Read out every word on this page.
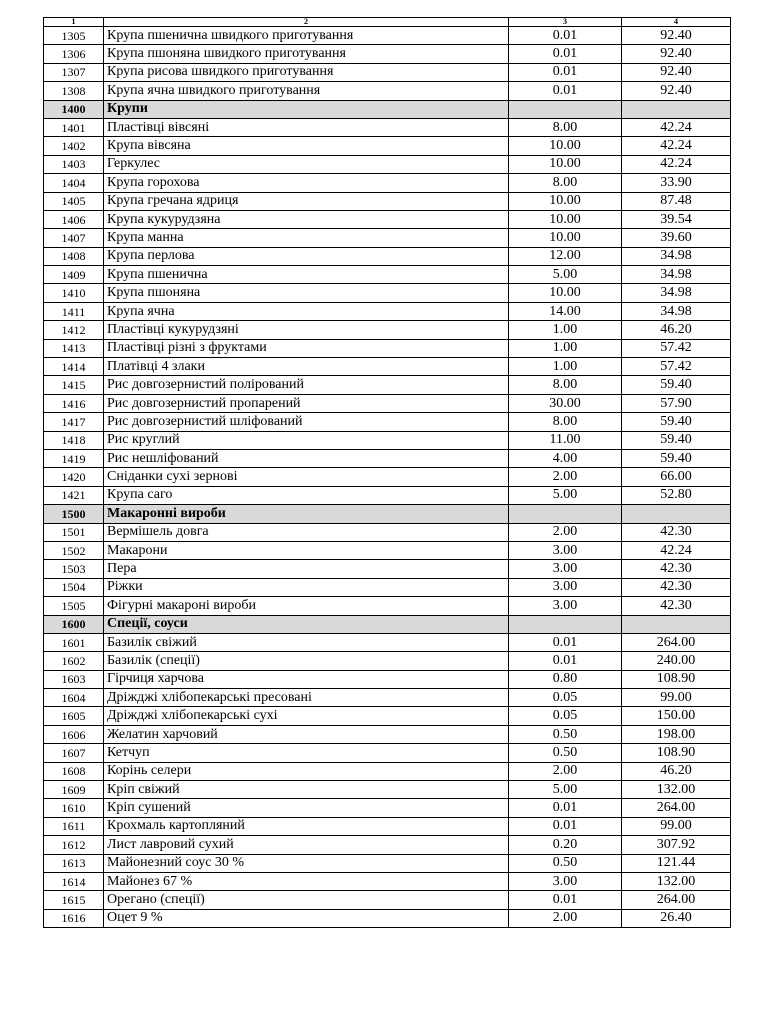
1	2	3	4
1305	Крупа пшенична швидкого приготування	0.01	92.40
1306	Крупа пшоняна швидкого приготування	0.01	92.40
1307	Крупа рисова швидкого приготування	0.01	92.40
1308	Крупа ячна швидкого приготування	0.01	92.40
1400	Крупи		
1401	Пластівці вівсяні	8.00	42.24
1402	Крупа вівсяна	10.00	42.24
1403	Геркулес	10.00	42.24
1404	Крупа горохова	8.00	33.90
1405	Крупа гречана ядриця	10.00	87.48
1406	Крупа кукурудзяна	10.00	39.54
1407	Крупа манна	10.00	39.60
1408	Крупа перлова	12.00	34.98
1409	Крупа пшенична	5.00	34.98
1410	Крупа пшоняна	10.00	34.98
1411	Крупа ячна	14.00	34.98
1412	Пластівці кукурудзяні	1.00	46.20
1413	Пластівці різні з фруктами	1.00	57.42
1414	Платівці 4 злаки	1.00	57.42
1415	Рис довгозернистий полірований	8.00	59.40
1416	Рис довгозернистий пропарений	30.00	57.90
1417	Рис довгозернистий шліфований	8.00	59.40
1418	Рис круглий	11.00	59.40
1419	Рис нешліфований	4.00	59.40
1420	Сніданки сухі зернові	2.00	66.00
1421	Крупа саго	5.00	52.80
1500	Макаронні вироби		
1501	Вермішель довга	2.00	42.30
1502	Макарони	3.00	42.24
1503	Пера	3.00	42.30
1504	Ріжки	3.00	42.30
1505	Фігурні макароні вироби	3.00	42.30
1600	Спеції, соуси		
1601	Базилік свіжий	0.01	264.00
1602	Базилік (спеції)	0.01	240.00
1603	Гірчиця харчова	0.80	108.90
1604	Дріжджі хлібопекарські пресовані	0.05	99.00
1605	Дріжджі хлібопекарські сухі	0.05	150.00
1606	Желатин харчовий	0.50	198.00
1607	Кетчуп	0.50	108.90
1608	Корінь селери	2.00	46.20
1609	Кріп свіжий	5.00	132.00
1610	Кріп сушений	0.01	264.00
1611	Крохмаль картопляний	0.01	99.00
1612	Лист лавровий сухий	0.20	307.92
1613	Майонезний соус 30 %	0.50	121.44
1614	Майонез 67 %	3.00	132.00
1615	Орегано (спеції)	0.01	264.00
1616	Оцет 9 %	2.00	26.40
